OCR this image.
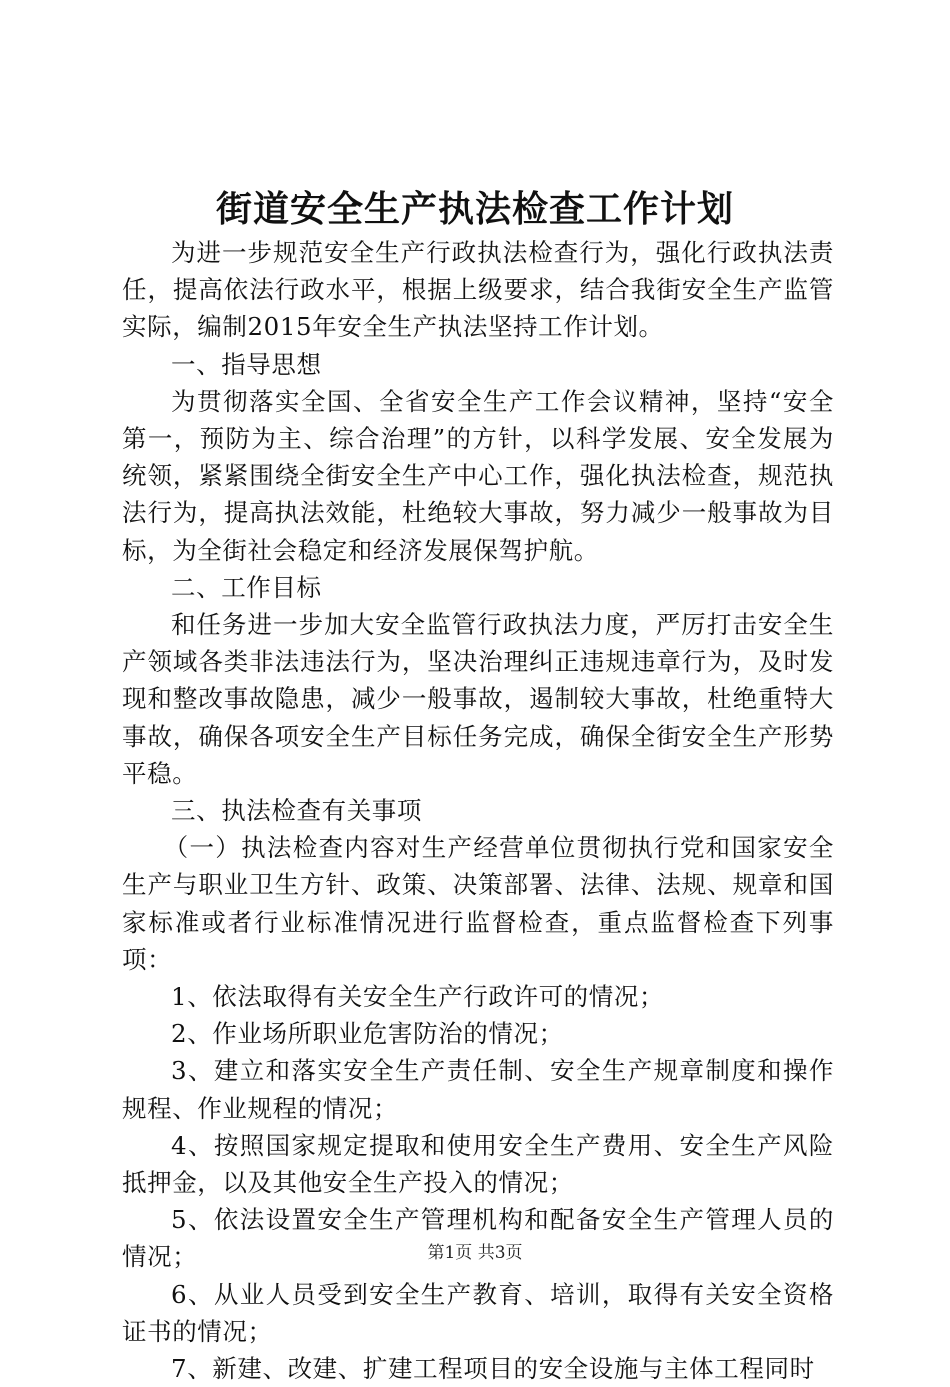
街道安全生产执法检查工作计划

为进一步规范安全生产行政执法检查行为，强化行政执法责任，提高依法行政水平，根据上级要求，结合我街安全生产监管实际，编制2015年安全生产执法坚持工作计划。

一、指导思想

为贯彻落实全国、全省安全生产工作会议精神，坚持“安全第一，预防为主、综合治理”的方针，以科学发展、安全发展为统领，紧紧围绕全街安全生产中心工作，强化执法检查，规范执法行为，提高执法效能，杜绝较大事故，努力减少一般事故为目标，为全街社会稳定和经济发展保驾护航。

二、工作目标

和任务进一步加大安全监管行政执法力度，严厉打击安全生产领域各类非法违法行为，坚决治理纠正违规违章行为，及时发现和整改事故隐患，减少一般事故，遏制较大事故，杜绝重特大事故，确保各项安全生产目标任务完成，确保全街安全生产形势平稳。

三、执法检查有关事项

（一）执法检查内容对生产经营单位贯彻执行党和国家安全生产与职业卫生方针、政策、决策部署、法律、法规、规章和国家标准或者行业标准情况进行监督检查，重点监督检查下列事项：

1、依法取得有关安全生产行政许可的情况；

2、作业场所职业危害防治的情况；

3、建立和落实安全生产责任制、安全生产规章制度和操作规程、作业规程的情况；

4、按照国家规定提取和使用安全生产费用、安全生产风险抵押金，以及其他安全生产投入的情况；

5、依法设置安全生产管理机构和配备安全生产管理人员的情况；

6、从业人员受到安全生产教育、培训，取得有关安全资格证书的情况；

7、新建、改建、扩建工程项目的安全设施与主体工程同时

第1页 共3页
